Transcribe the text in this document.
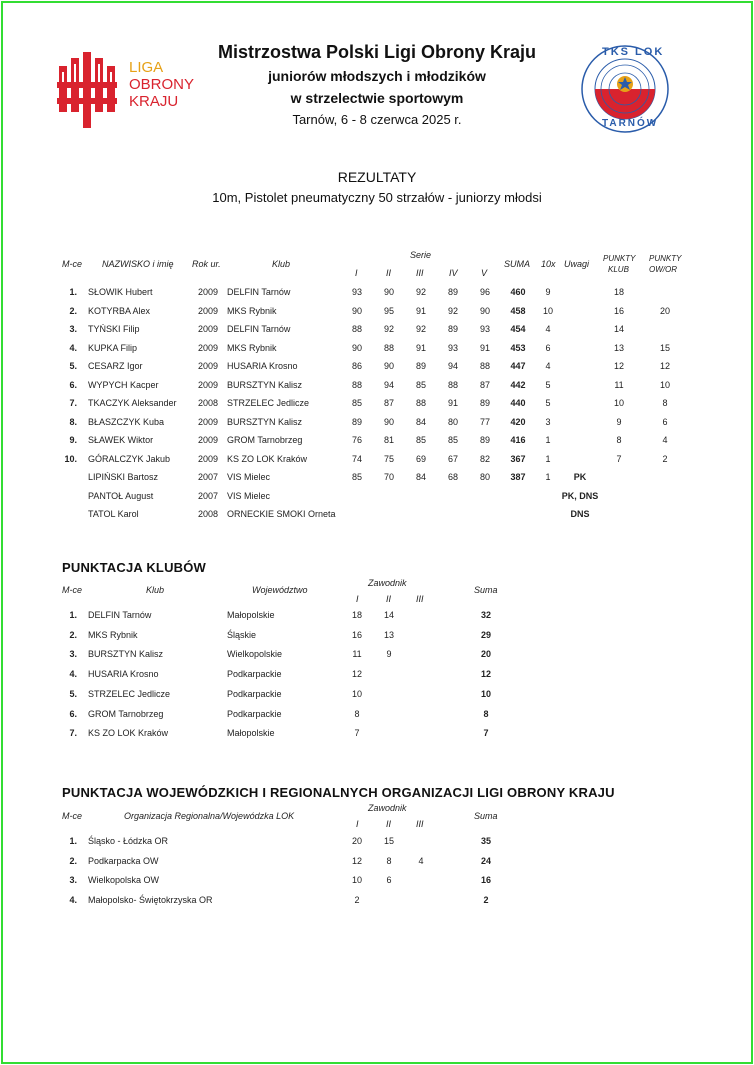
LIGA
OBRONY
KRAJU
TKS LOK
TARNÓW
Mistrzostwa Polski Ligi Obrony Kraju
juniorów młodszych i młodzików
w strzelectwie sportowym
Tarnów, 6 - 8 czerwca 2025 r.
REZULTATY
10m, Pistolet pneumatyczny 50 strzałów - juniorzy młodsi
M-ce NAZWISKO i imię Rok ur.	Klub
Serie
I	II	III	IV	V
SUMA 10x Uwagi
PUNKTY
KLUB
PUNKTY
OW/OR
1. SŁOWIK Hubert	2009 DELFIN Tarnów	93	90	92	89	96	460	9	18
2. KOTYRBA Alex	2009 MKS Rybnik	90	95	91	92	90	458	10	16	20
3. TYŃSKI Filip	2009 DELFIN Tarnów	88	92	92	89	93	454	4	14
4. KUPKA Filip	2009 MKS Rybnik	90	88	91	93	91	453	6	13	15
5. CESARZ Igor	2009 HUSARIA Krosno	86	90	89	94	88	447	4	12	12
6. WYPYCH Kacper	2009 BURSZTYN Kalisz	88	94	85	88	87	442	5	11	10
7. TKACZYK Aleksander	2008 STRZELEC Jedlicze	85	87	88	91	89	440	5	10	8
8. BŁASZCZYK Kuba	2009 BURSZTYN Kalisz	89	90	84	80	77	420	3	9	6
9. SŁAWEK Wiktor	2009 GROM Tarnobrzeg	76	81	85	85	89	416	1	8	4
10. GÓRALCZYK Jakub	2009 KS ZO LOK Kraków	74	75	69	67	82	367	1	7	2
LIPIŃSKI Bartosz	2007 VIS Mielec	85	70	84	68	80	387	1	PK
PANTOŁ August	2007 VIS Mielec	PK, DNS
TATOL Karol	2008 ORNECKIE SMOKI Orneta	DNS
PUNKTACJA KLUBÓW
M-ce	Klub	Województwo
Zawodnik
I	II	III
Suma
1. DELFIN Tarnów	Małopolskie	18	14	32
2. MKS Rybnik	Śląskie	16	13	29
3. BURSZTYN Kalisz	Wielkopolskie	11	9	20
4. HUSARIA Krosno	Podkarpackie	12	12
5. STRZELEC Jedlicze	Podkarpackie	10	10
6. GROM Tarnobrzeg	Podkarpackie	8	8
7. KS ZO LOK Kraków	Małopolskie	7	7
PUNKTACJA WOJEWÓDZKICH I REGIONALNYCH ORGANIZACJI LIGI OBRONY KRAJU
M-ce	Organizacja Regionalna/Wojewódzka LOK
Zawodnik
I	II	III
Suma
1. Śląsko - Łódzka OR	20	15	35
2. Podkarpacka OW	12	8	4	24
3. Wielkopolska OW	10	6	16
4. Małopolsko- Świętokrzyska OR	2	2
